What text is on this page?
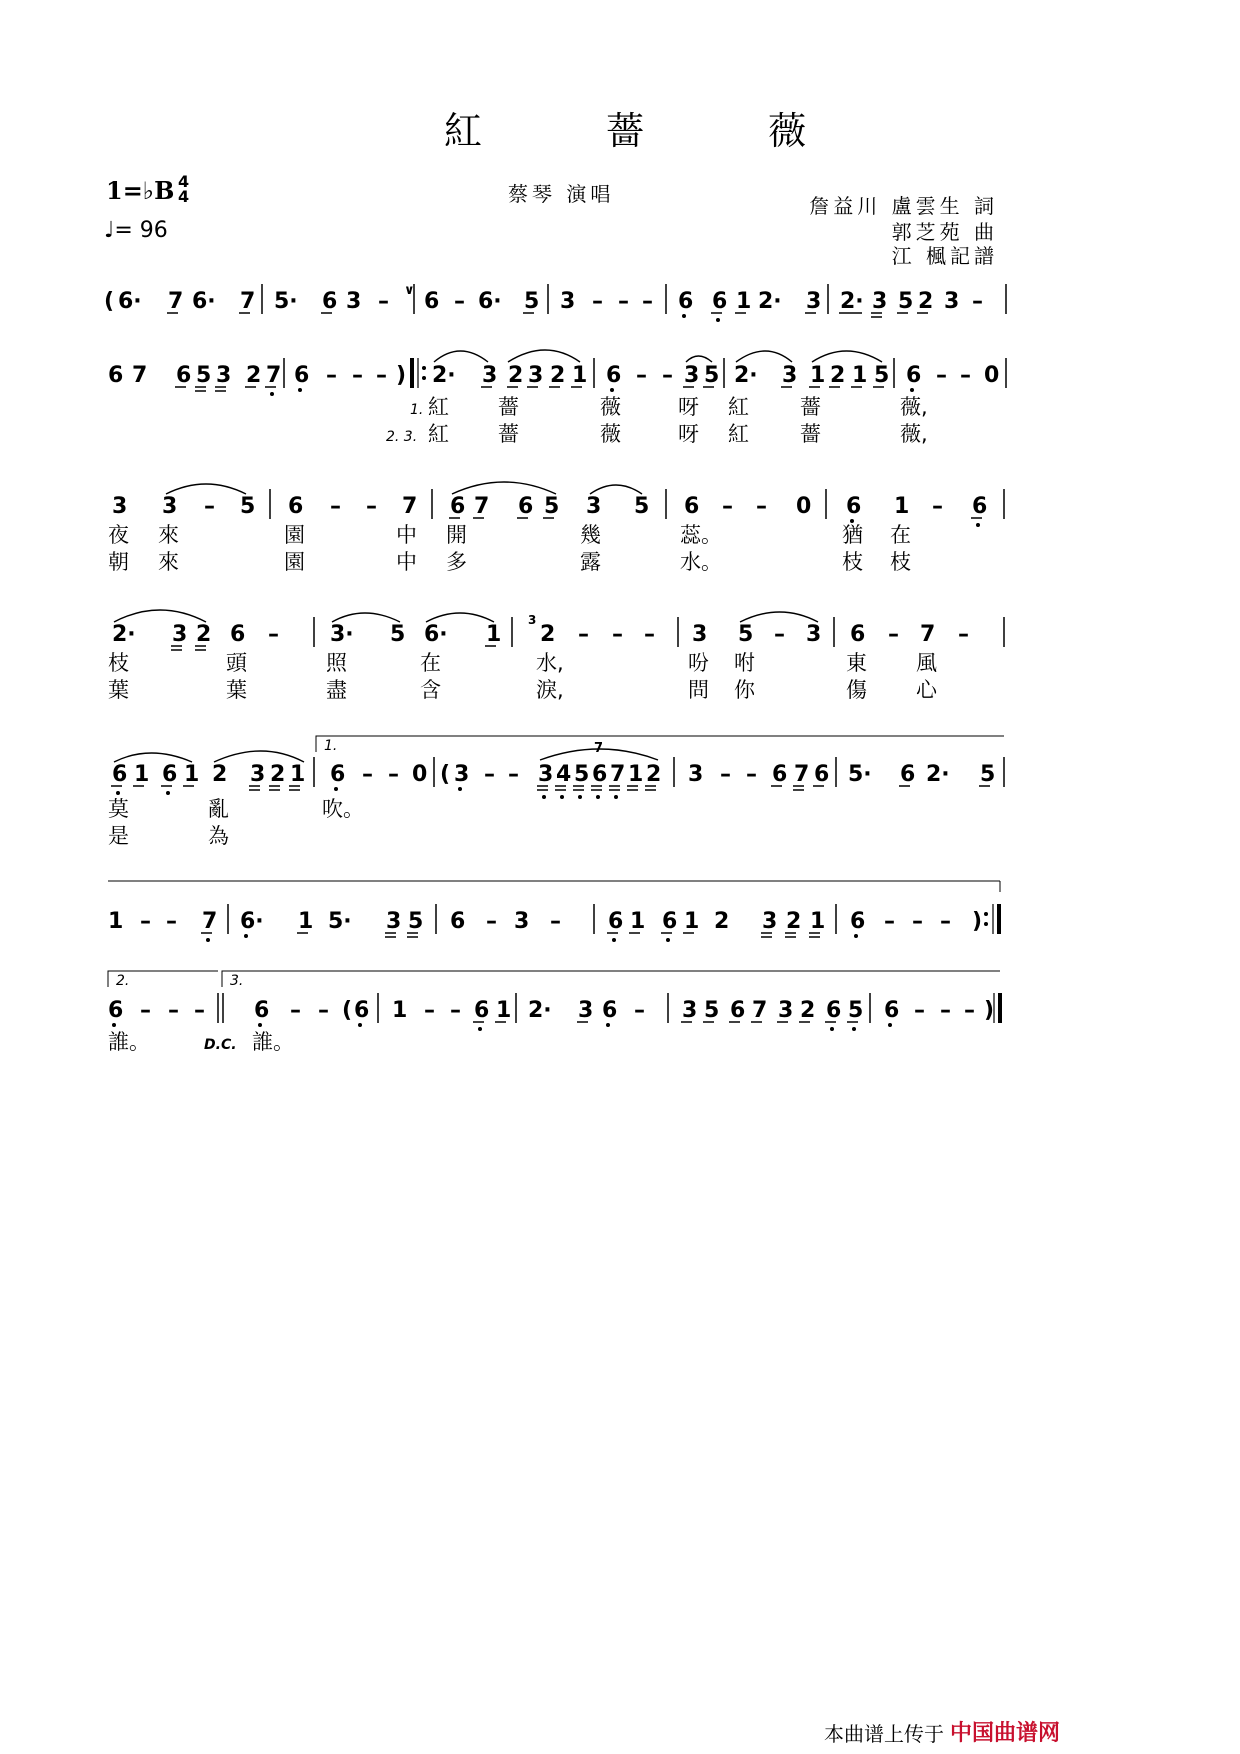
紅 薔 薇
1=♭B 4
4
♩= 96
蔡琴 演唱	詹益川 盧雲生 詞
郭芝苑 曲
江 楓記譜
( 6· 7 6· 7 5· 6 3 – 6 – 6· 5 3 – – – 6 6 1 2· 3 2· 3 5 2 3 –
6 7 6 5 3 2 7 6 – – – ) 2· 3 2 3 2 1 6 – – 3 5 2· 3 1 2 1 5 6 – – 0
3 3 – 5 6 – – 7 6 7 6 5 3 5 6 – – 0 6 1 – 6
2· 3 2 6 – 3· 5 6· 1 2 – – – 3 5 – 3 6 – 7 –
6 1 6 1 2 3 2 1 6 – – 0 ( 3 – – 3 4 5 6 7 1 2 3 – – 6 7 6 5· 6 2· 5
1 – – 7 6· 1 5· 3 5 6 – 3 – 6 1 6 1 2 3 2 1 6 – – – )
6 – – – 6 – – ( 6 1 – – 6 1 2· 3 6 – 3 5 6 7 3 2 6 5 6 – – – )
7
∨
3
1.
2.	3.
1. 紅 薔	薇	呀 紅 薔	薇,
2. 3. 紅 薔	薇	呀 紅 薔	薇,
夜 來	園	中 開	幾	蕊。	猶 在
朝 來	園	中 多	露	水。	枝 枝
枝	頭	照	在	水,	吩 咐	東 風
葉	葉	盡	含	淚,	問 你	傷 心
莫	亂	吹。
是	為
誰。	D.C. 誰。
本曲谱上传于 中国曲谱网
